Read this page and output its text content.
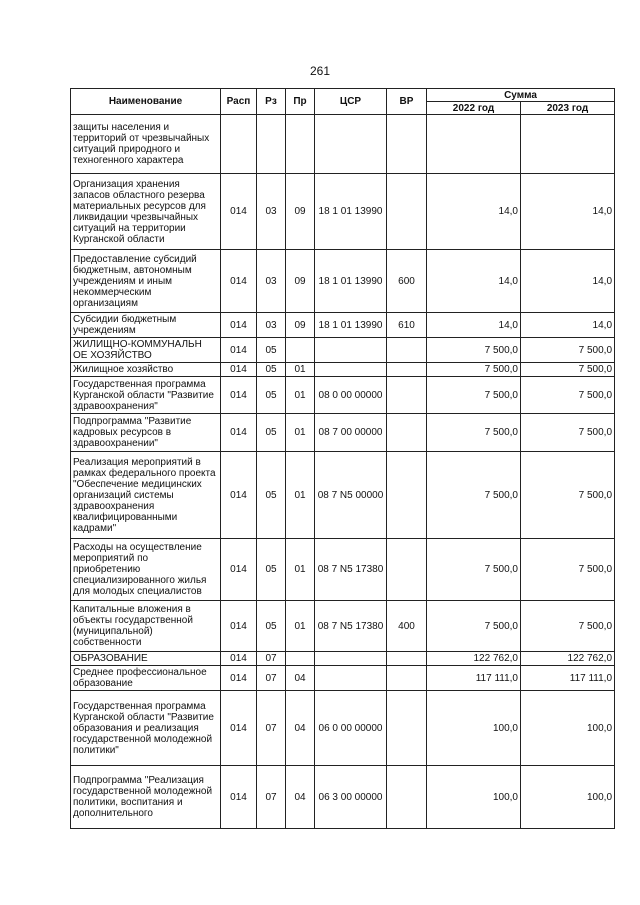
261
Наименование	Расп	Рз	Пр	ЦСР	ВР	Сумма	
						2022 год	2023 год
защиты населения и территорий от чрезвычайных ситуаций природного и техногенного характера							
Организация хранения запасов областного резерва материальных ресурсов для ликвидации чрезвычайных ситуаций на территории Курганской области	014	03	09	18 1 01 13990		14,0	14,0
Предоставление субсидий бюджетным, автономным учреждениям и иным некоммерческим организациям	014	03	09	18 1 01 13990	600	14,0	14,0
Субсидии бюджетным учреждениям	014	03	09	18 1 01 13990	610	14,0	14,0
ЖИЛИЩНО-КОММУНАЛЬН ОЕ ХОЗЯЙСТВО	014	05				7 500,0	7 500,0
Жилищное хозяйство	014	05	01			7 500,0	7 500,0
Государственная программа Курганской области "Развитие здравоохранения"	014	05	01	08 0 00 00000		7 500,0	7 500,0
Подпрограмма "Развитие кадровых ресурсов в здравоохранении"	014	05	01	08 7 00 00000		7 500,0	7 500,0
Реализация мероприятий в рамках федерального проекта "Обеспечение медицинских организаций системы здравоохранения квалифицированными кадрами"	014	05	01	08 7 N5 00000		7 500,0	7 500,0
Расходы на осуществление мероприятий по приобретению специализированного жилья для молодых специалистов	014	05	01	08 7 N5 17380		7 500,0	7 500,0
Капитальные вложения в объекты государственной (муниципальной) собственности	014	05	01	08 7 N5 17380	400	7 500,0	7 500,0
ОБРАЗОВАНИЕ	014	07				122 762,0	122 762,0
Среднее профессиональное образование	014	07	04			117 111,0	117 111,0
Государственная программа Курганской области "Развитие образования и реализация государственной молодежной политики"	014	07	04	06 0 00 00000		100,0	100,0
Подпрограмма "Реализация государственной молодежной политики, воспитания и дополнительного	014	07	04	06 3 00 00000		100,0	100,0
